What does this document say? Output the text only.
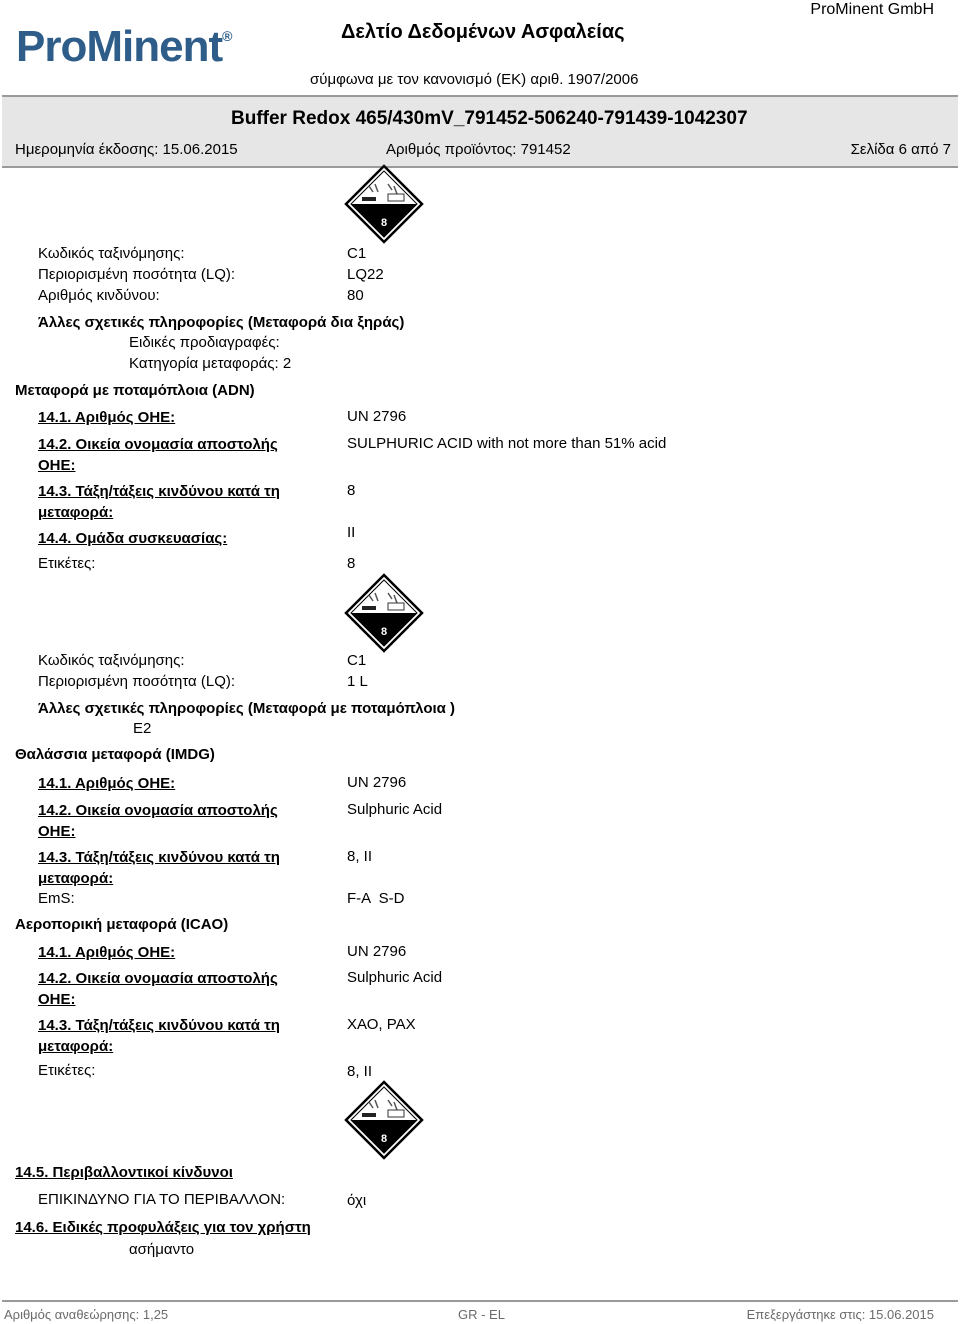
ProMinent®
ProMinent GmbH
Δελτίο Δεδομένων Ασφαλείας
σύμφωνα με τον κανονισμό (ΕΚ) αριθ. 1907/2006
Buffer Redox 465/430mV_791452-506240-791439-1042307
Ημερομηνία έκδοσης: 15.06.2015	Αριθμός προϊόντος: 791452	Σελίδα 6 από 7
8
Κωδικός ταξινόμησης:	C1
Περιορισμένη ποσότητα (LQ):	LQ22
Αριθμός κινδύνου:	80
Άλλες σχετικές πληροφορίες (Μεταφορά δια ξηράς)
Ειδικές προδιαγραφές:
Κατηγορία μεταφοράς: 2
Μεταφορά με ποταμόπλοια (ADN)
14.1. Αριθμός ΟΗΕ:	UN 2796
14.2. Οικεία ονομασία αποστολής
ΟΗΕ:
SULPHURIC ACID with not more than 51% acid
14.3. Τάξη/τάξεις κινδύνου κατά τη
μεταφορά:
8
14.4. Ομάδα συσκευασίας:	II
Ετικέτες:	8
8
Κωδικός ταξινόμησης:	C1
Περιορισμένη ποσότητα (LQ):	1 L
Άλλες σχετικές πληροφορίες (Μεταφορά με ποταμόπλοια )
E2
Θαλάσσια μεταφορά (IMDG)
14.1. Αριθμός ΟΗΕ:	UN 2796
14.2. Οικεία ονομασία αποστολής
ΟΗΕ:
Sulphuric Acid
14.3. Τάξη/τάξεις κινδύνου κατά τη
μεταφορά:
8, II
EmS:	F-A  S-D
Αεροπορική μεταφορά (ICAO)
14.1. Αριθμός ΟΗΕ:	UN 2796
14.2. Οικεία ονομασία αποστολής
ΟΗΕ:
Sulphuric Acid
14.3. Τάξη/τάξεις κινδύνου κατά τη
μεταφορά:
ΧΑΟ, ΡΑΧ
Ετικέτες:	8, II
8
14.5. Περιβαλλοντικοί κίνδυνοι
ΕΠΙΚΙΝΔΥΝΟ ΓΙΑ ΤΟ ΠΕΡΙΒΑΛΛΟΝ:	όχι
14.6. Ειδικές προφυλάξεις για τον χρήστη
ασήμαντο
Αριθμός αναθεώρησης: 1,25	GR - EL	Επεξεργάστηκε στις: 15.06.2015
